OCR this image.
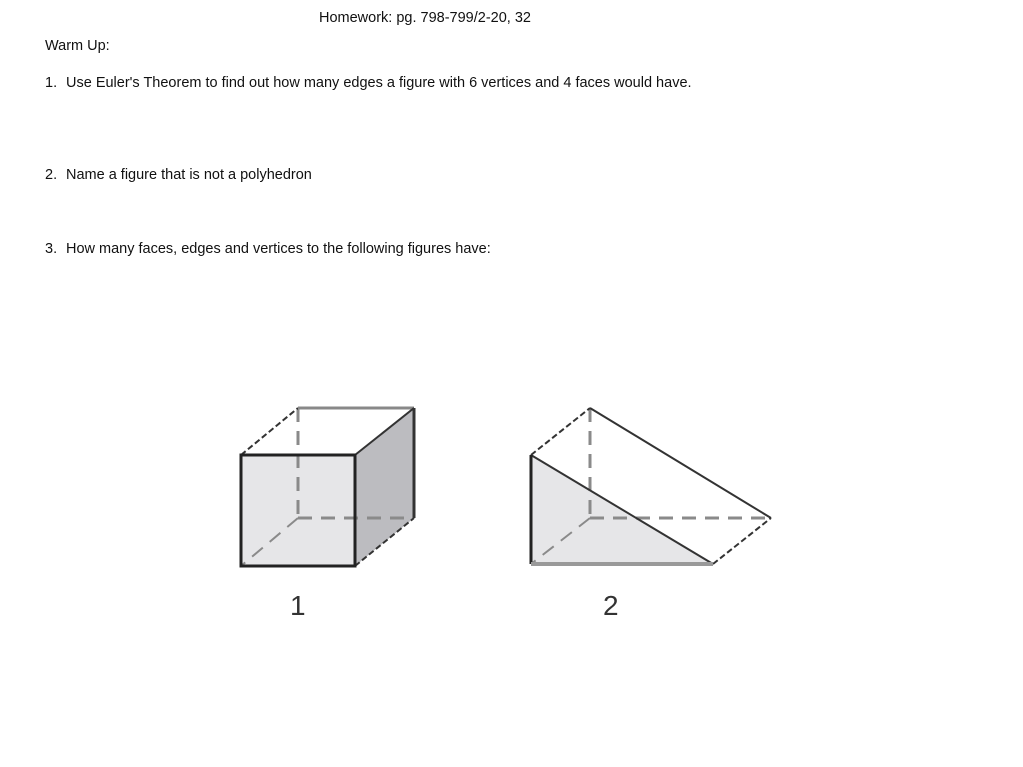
Homework: pg. 798-799/2-20, 32
Warm Up:
1. Use Euler's Theorem to find out how many edges a figure with 6 vertices and 4 faces would have.
2. Name a figure that is not a polyhedron
3. How many faces, edges and vertices to the following figures have:
1	2
